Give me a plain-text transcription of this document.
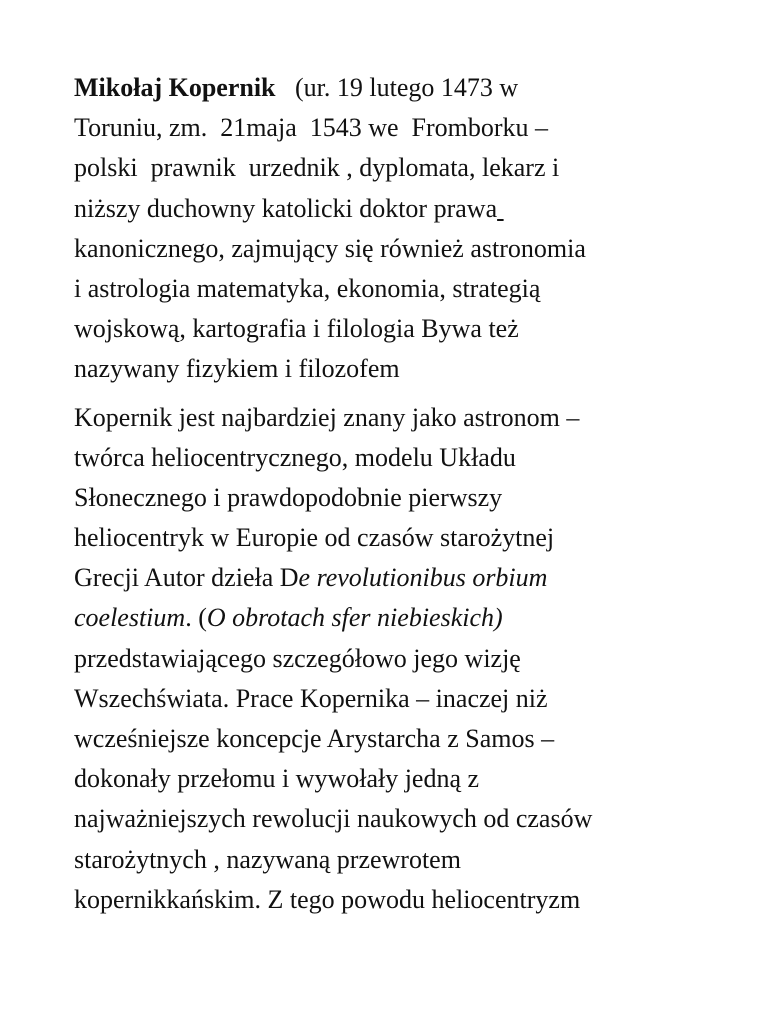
Mikołaj Kopernik   (ur. 19 lutego 1473 w
Toruniu, zm.  21maja  1543 we  Fromborku –
polski  prawnik  urzednik , dyplomata, lekarz i
niższy duchowny katolicki doktor prawa
kanonicznego, zajmujący się również astronomia
i astrologia matematyka, ekonomia, strategią
wojskową, kartografia i filologia Bywa też
nazywany fizykiem i filozofem
Kopernik jest najbardziej znany jako astronom –
twórca heliocentrycznego, modelu Układu
Słonecznego i prawdopodobnie pierwszy
heliocentryk w Europie od czasów starożytnej
Grecji Autor dzieła De revolutionibus orbium
coelestium. (O obrotach sfer niebieskich)
przedstawiającego szczegółowo jego wizję
Wszechświata. Prace Kopernika – inaczej niż
wcześniejsze koncepcje Arystarcha z Samos –
dokonały przełomu i wywołały jedną z
najważniejszych rewolucji naukowych od czasów
starożytnych , nazywaną przewrotem
kopernikkańskim. Z tego powodu heliocentryzm
